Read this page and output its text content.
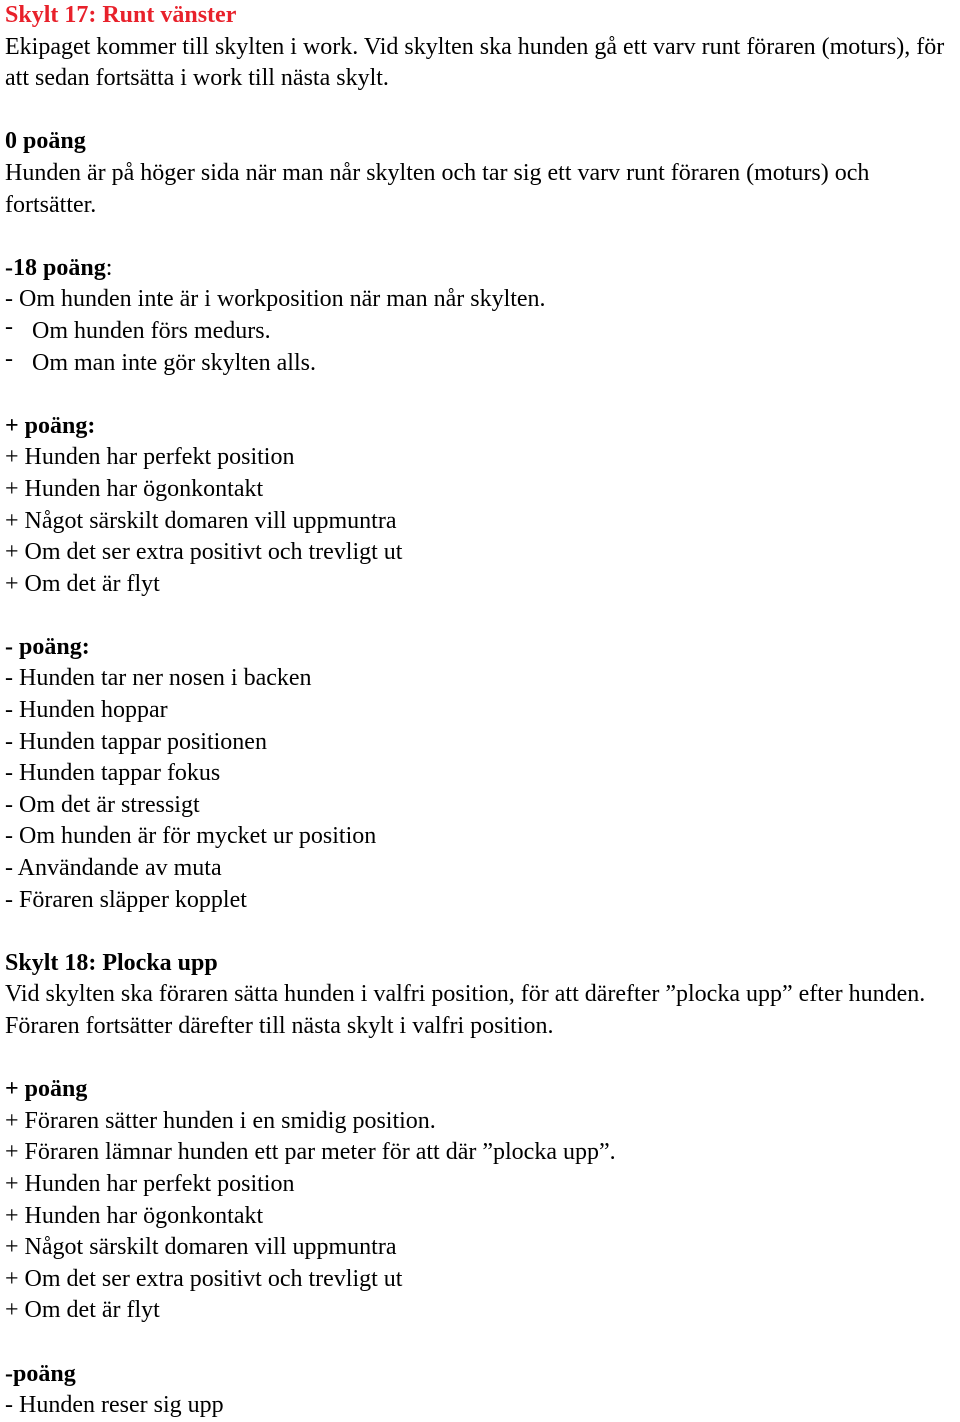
Skylt 17: Runt vänster
Ekipaget kommer till skylten i work. Vid skylten ska hunden gå ett varv runt föraren (moturs), för att sedan fortsätta i work till nästa skylt.
0 poäng
Hunden är på höger sida när man når skylten och tar sig ett varv runt föraren (moturs) och fortsätter.
-18 poäng:
- Om hunden inte är i workposition när man når skylten.
- Om hunden förs medurs.
- Om man inte gör skylten alls.
+ poäng:
+ Hunden har perfekt position
+ Hunden har ögonkontakt
+ Något särskilt domaren vill uppmuntra
+ Om det ser extra positivt och trevligt ut
+ Om det är flyt
- poäng:
- Hunden tar ner nosen i backen
- Hunden hoppar
- Hunden tappar positionen
- Hunden tappar fokus
- Om det är stressigt
- Om hunden är för mycket ur position
- Användande av muta
- Föraren släpper kopplet
Skylt 18: Plocka upp
Vid skylten ska föraren sätta hunden i valfri position, för att därefter ”plocka upp” efter hunden. Föraren fortsätter därefter till nästa skylt i valfri position.
+ poäng
+ Föraren sätter hunden i en smidig position.
+ Föraren lämnar hunden ett par meter för att där ”plocka upp”.
+ Hunden har perfekt position
+ Hunden har ögonkontakt
+ Något särskilt domaren vill uppmuntra
+ Om det ser extra positivt och trevligt ut
+ Om det är flyt
-poäng
- Hunden reser sig upp
